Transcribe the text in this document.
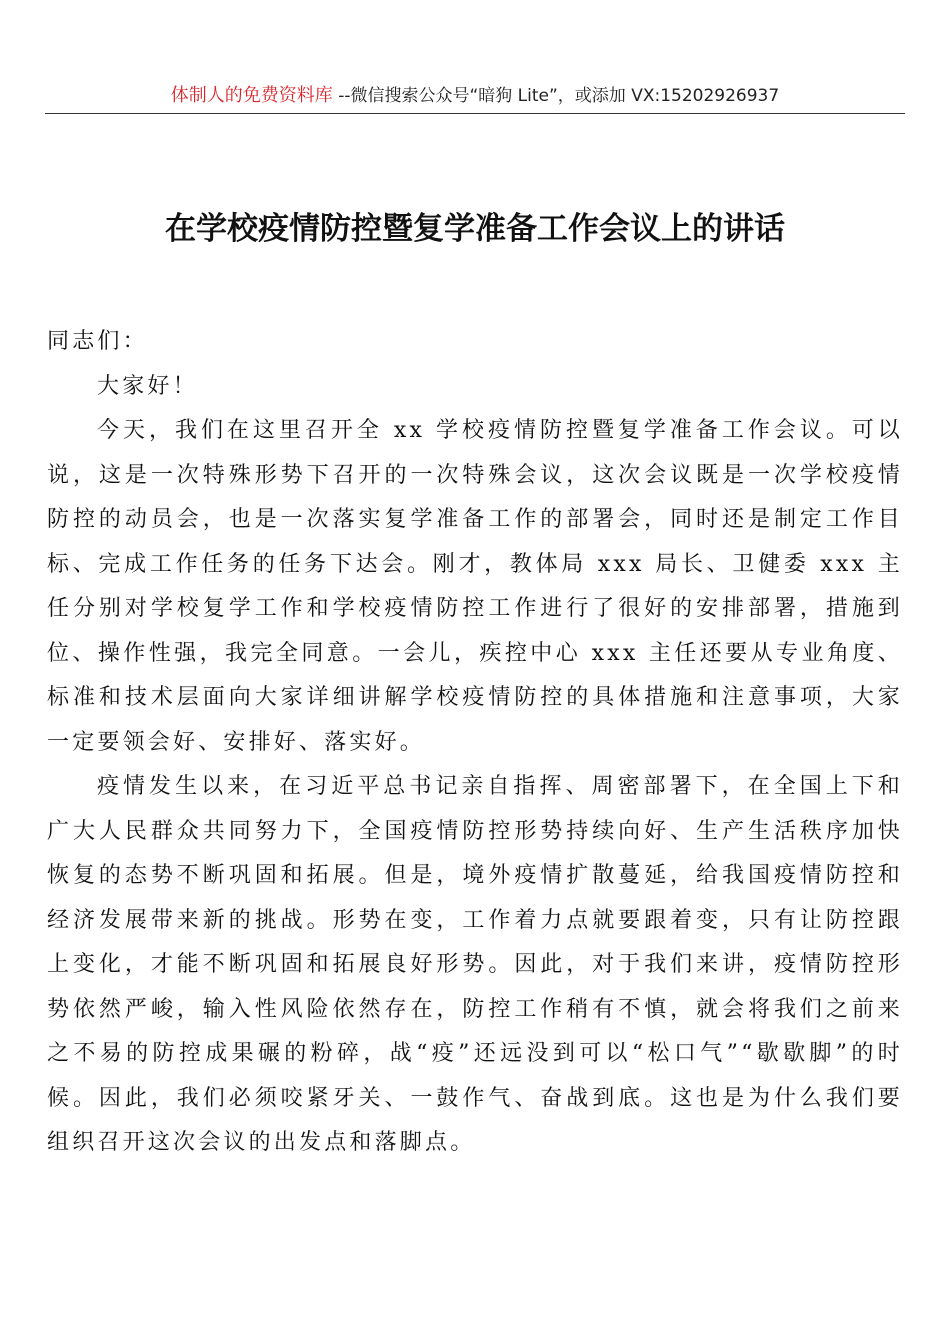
体制人的免费资料库 --微信搜索公众号“暗狗 Lite”，或添加 VX:15202926937
在学校疫情防控暨复学准备工作会议上的讲话

同志们：

大家好！

今天，我们在这里召开全 xx 学校疫情防控暨复学准备工作会议。可以说，这是一次特殊形势下召开的一次特殊会议，这次会议既是一次学校疫情防控的动员会，也是一次落实复学准备工作的部署会，同时还是制定工作目标、完成工作任务的任务下达会。刚才，教体局 xxx 局长、卫健委 xxx 主任分别对学校复学工作和学校疫情防控工作进行了很好的安排部署，措施到位、操作性强，我完全同意。一会儿，疾控中心 xxx 主任还要从专业角度、标准和技术层面向大家详细讲解学校疫情防控的具体措施和注意事项，大家一定要领会好、安排好、落实好。

疫情发生以来，在习近平总书记亲自指挥、周密部署下，在全国上下和广大人民群众共同努力下，全国疫情防控形势持续向好、生产生活秩序加快恢复的态势不断巩固和拓展。但是，境外疫情扩散蔓延，给我国疫情防控和经济发展带来新的挑战。形势在变，工作着力点就要跟着变，只有让防控跟上变化，才能不断巩固和拓展良好形势。因此，对于我们来讲，疫情防控形势依然严峻，输入性风险依然存在，防控工作稍有不慎，就会将我们之前来之不易的防控成果碾的粉碎，战“疫”还远没到可以“松口气”“歇歇脚”的时候。因此，我们必须咬紧牙关、一鼓作气、奋战到底。这也是为什么我们要组织召开这次会议的出发点和落脚点。
